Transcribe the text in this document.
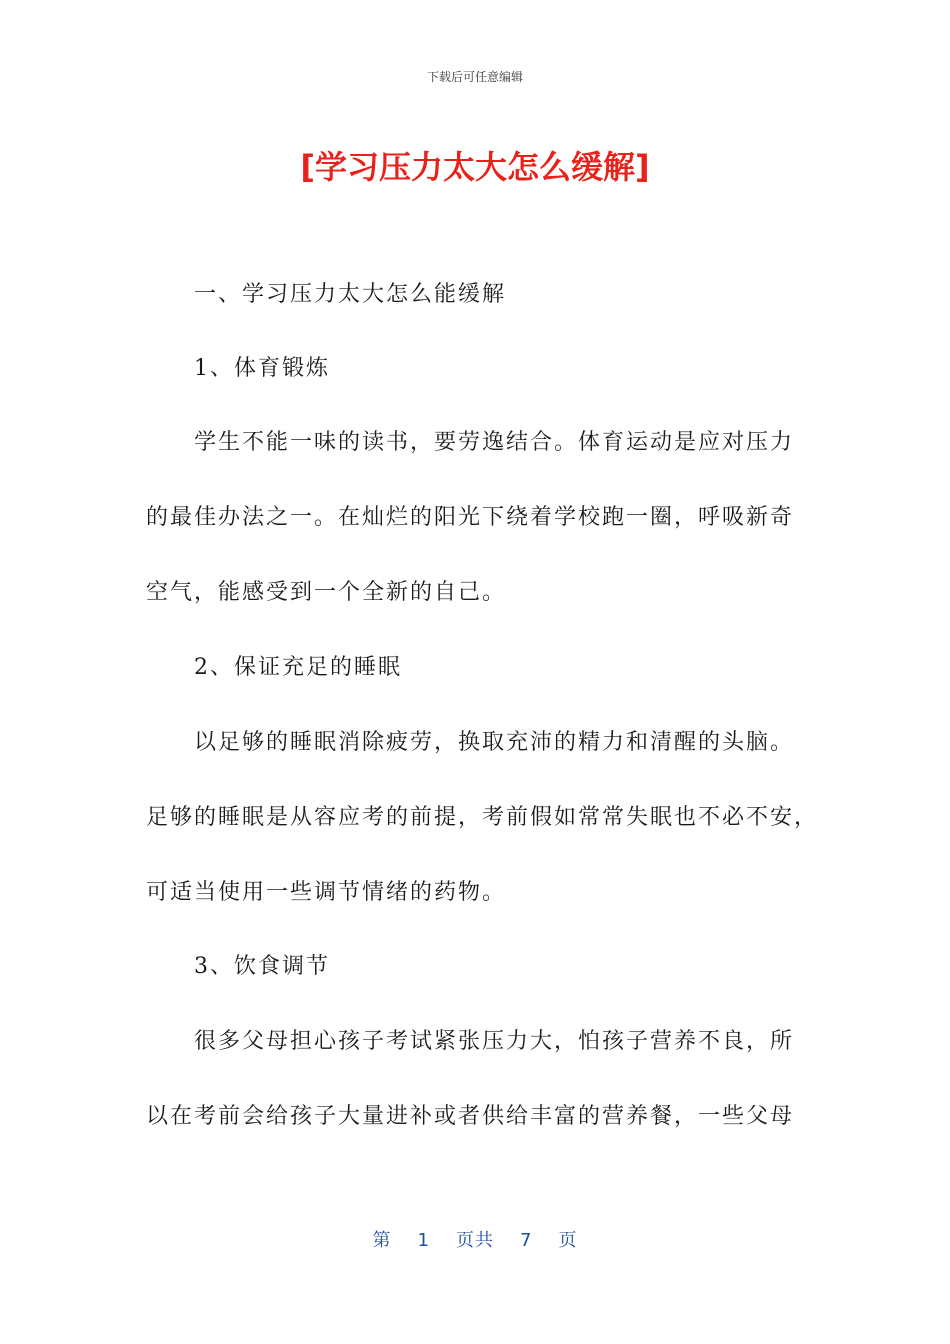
下载后可任意编辑
[学习压力太大怎么缓解]

一、学习压力太大怎么能缓解

1、体育锻炼

学生不能一味的读书，要劳逸结合。体育运动是应对压力

的最佳办法之一。在灿烂的阳光下绕着学校跑一圈，呼吸新奇

空气，能感受到一个全新的自己。

2、保证充足的睡眠

以足够的睡眠消除疲劳，换取充沛的精力和清醒的头脑。

足够的睡眠是从容应考的前提，考前假如常常失眠也不必不安，

可适当使用一些调节情绪的药物。

3、饮食调节

很多父母担心孩子考试紧张压力大，怕孩子营养不良，所

以在考前会给孩子大量进补或者供给丰富的营养餐，一些父母

第 1 页共 7 页
